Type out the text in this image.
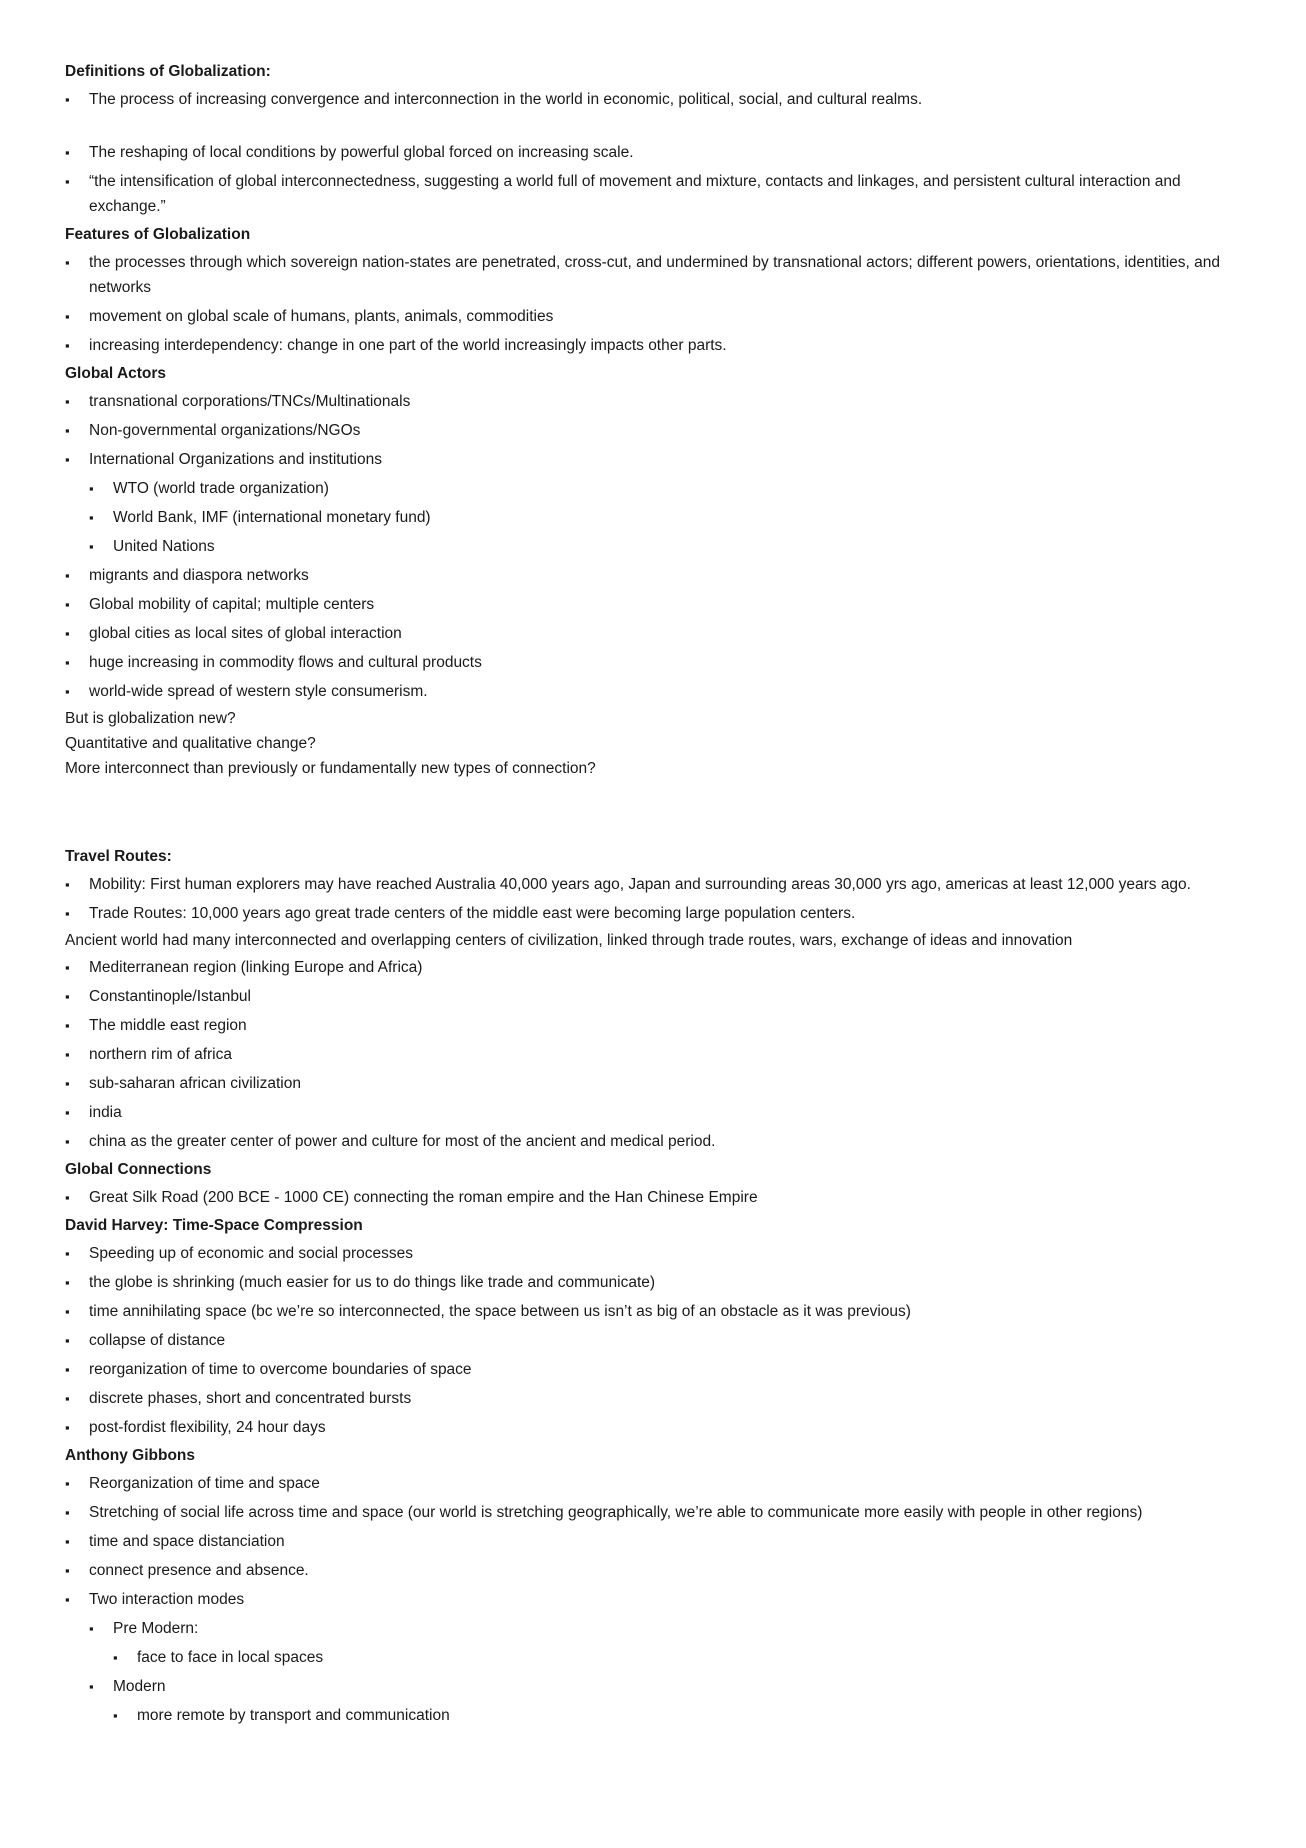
Definitions of Globalization:

▪	The process of increasing convergence and interconnection in the world in economic, political, social, and cultural realms.
▪	The reshaping of local conditions by powerful global forced on increasing scale.
▪	“the intensification of global interconnectedness, suggesting a world full of movement and mixture, contacts and linkages, and persistent cultural interaction and exchange.”

Features of Globalization

▪	the processes through which sovereign nation-states are penetrated, cross-cut, and undermined by transnational actors; different powers, orientations, identities, and networks
▪	movement on global scale of humans, plants, animals, commodities
▪	increasing interdependency: change in one part of the world increasingly impacts other parts.

Global Actors

▪	transnational corporations/TNCs/Multinationals
▪	Non-governmental organizations/NGOs
▪	International Organizations and institutions
▪	WTO (world trade organization)
▪	World Bank, IMF (international monetary fund)
▪	United Nations
▪	migrants and diaspora networks
▪	Global mobility of capital; multiple centers
▪	global cities as local sites of global interaction
▪	huge increasing in commodity flows and cultural products
▪	world-wide spread of western style consumerism.

But is globalization new?

Quantitative and qualitative change?

More interconnect than previously or fundamentally new types of connection?

Travel Routes:

▪	Mobility: First human explorers may have reached Australia 40,000 years ago, Japan and surrounding areas 30,000 yrs ago, americas at least 12,000 years ago.
▪	Trade Routes: 10,000 years ago great trade centers of the middle east were becoming large population centers.

Ancient world had many interconnected and overlapping centers of civilization, linked through trade routes, wars, exchange of ideas and innovation

▪	Mediterranean region (linking Europe and Africa)
▪	Constantinople/Istanbul
▪	The middle east region
▪	northern rim of africa
▪	sub-saharan african civilization
▪	india
▪	china as the greater center of power and culture for most of the ancient and medical period.

Global Connections

▪	Great Silk Road (200 BCE - 1000 CE) connecting the roman empire and the Han Chinese Empire

David Harvey: Time-Space Compression

▪	Speeding up of economic and social processes
▪	the globe is shrinking (much easier for us to do things like trade and communicate)
▪	time annihilating space (bc we’re so interconnected, the space between us isn’t as big of an obstacle as it was previous)
▪	collapse of distance
▪	reorganization of time to overcome boundaries of space
▪	discrete phases, short and concentrated bursts
▪	post-fordist flexibility, 24 hour days

Anthony Gibbons

▪	Reorganization of time and space
▪	Stretching of social life across time and space (our world is stretching geographically, we’re able to communicate more easily with people in other regions)
▪	time and space distanciation
▪	connect presence and absence.
▪	Two interaction modes
▪	Pre Modern:
▪	face to face in local spaces
▪	Modern
▪	more remote by transport and communication
